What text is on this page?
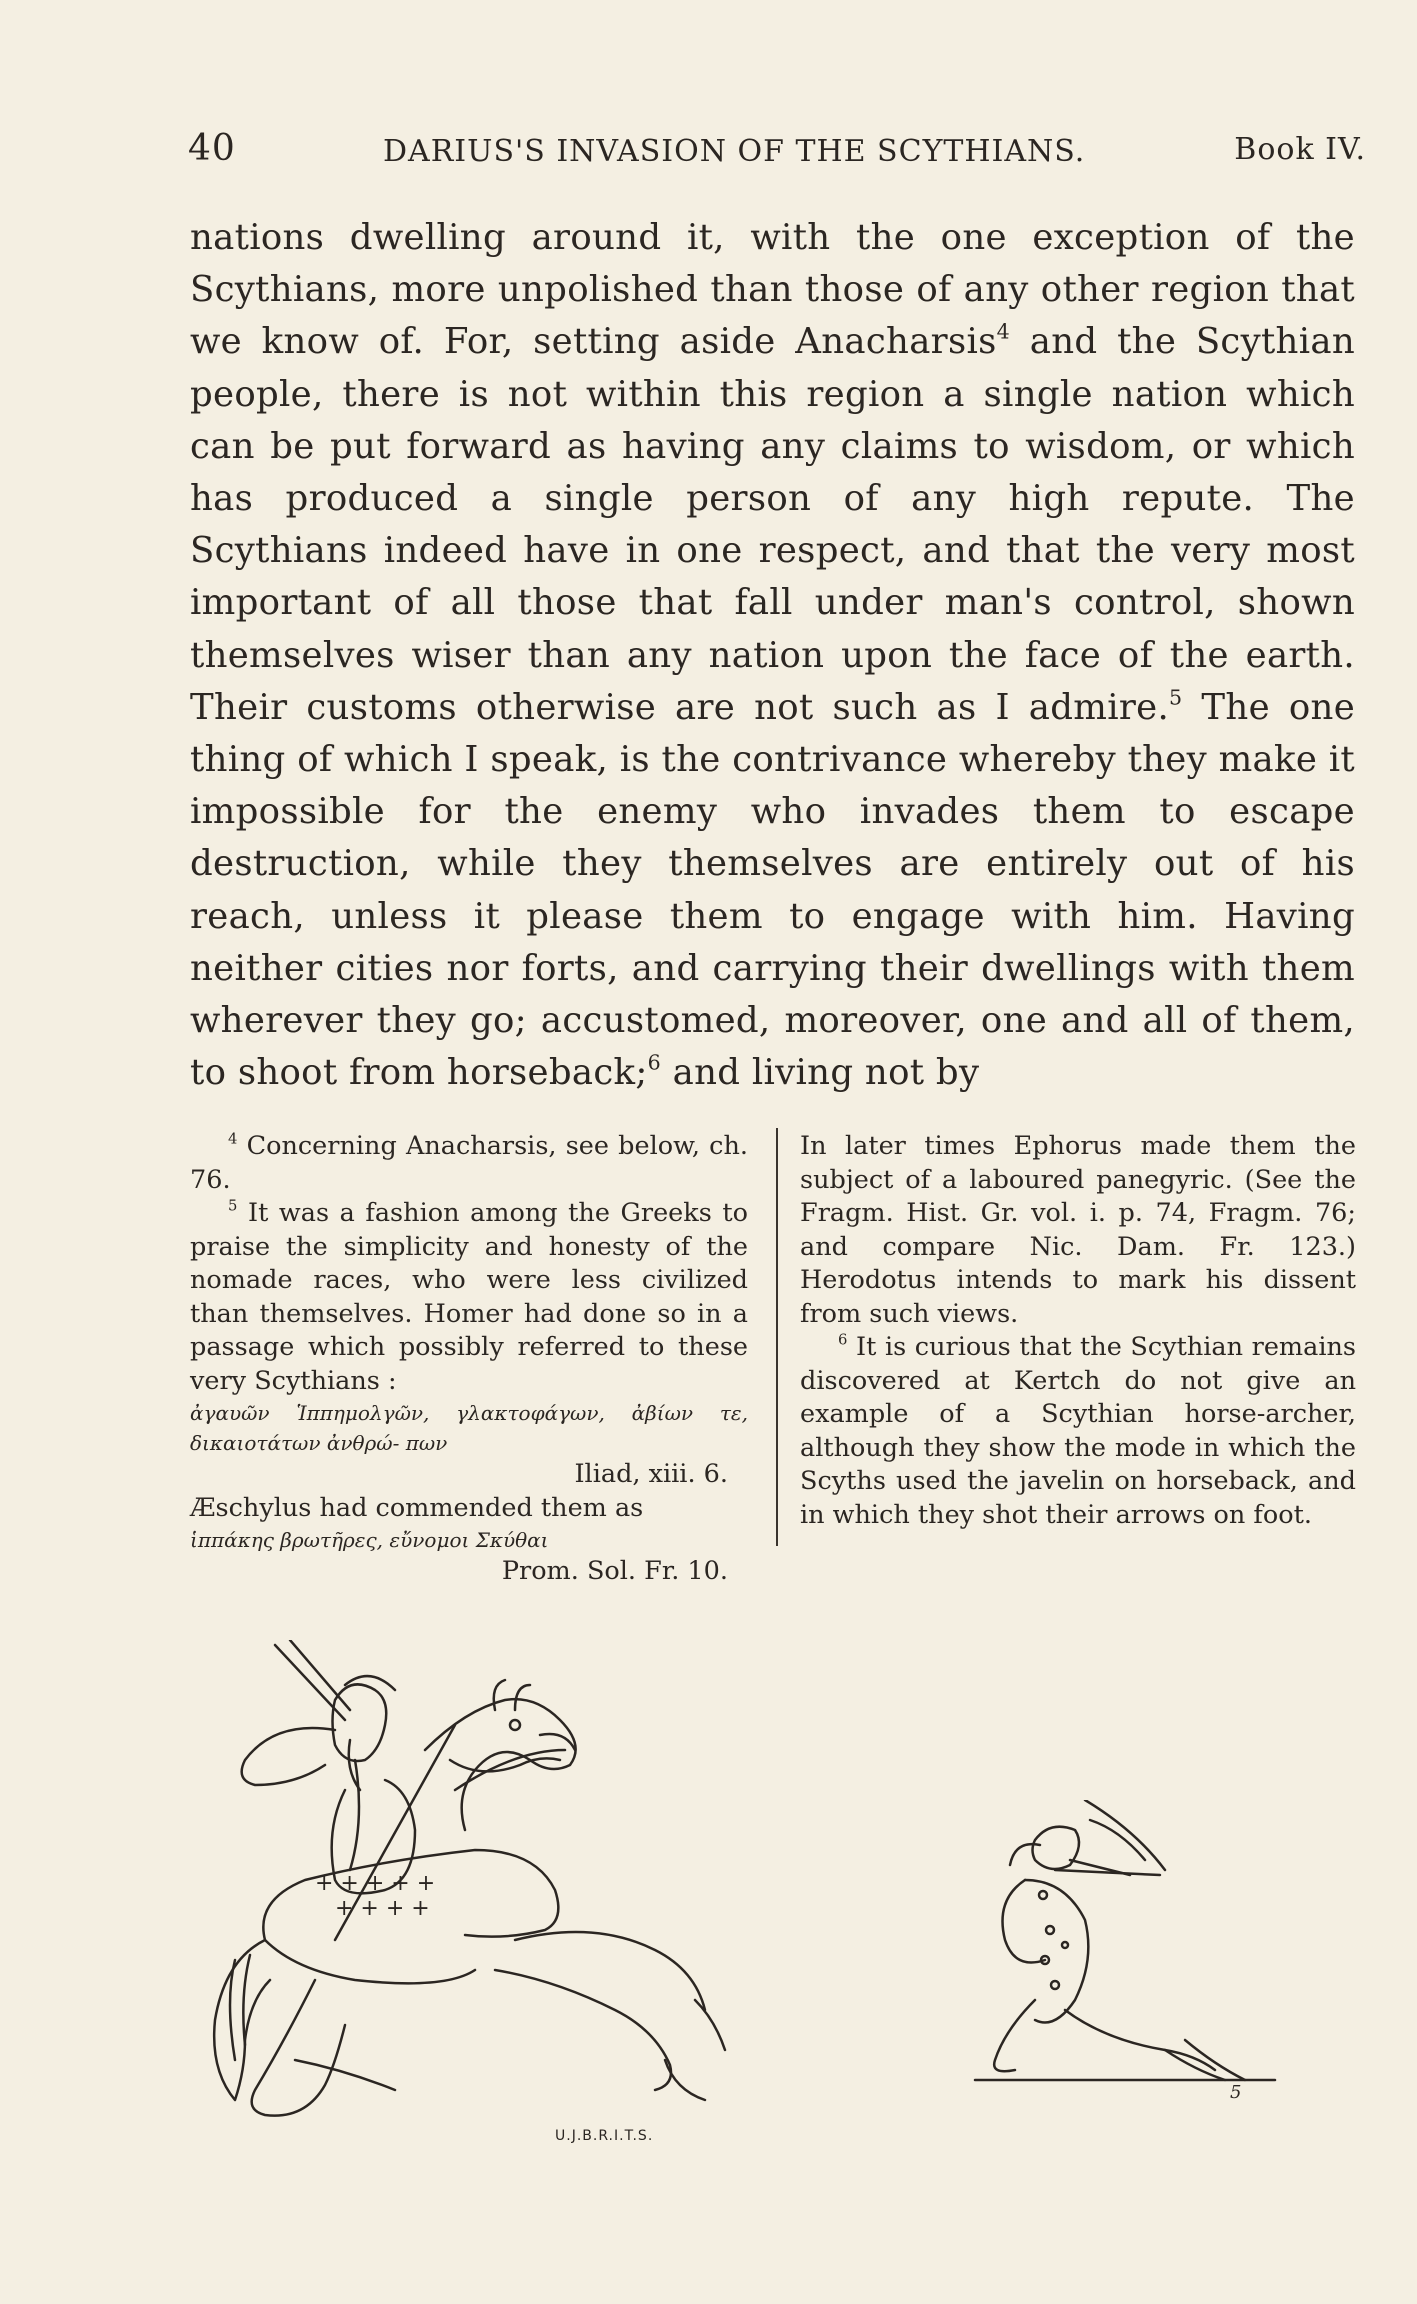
40	DARIUS'S INVASION OF THE SCYTHIANS.	Book IV.

nations dwelling around it, with the one exception of the Scythians, more unpolished than those of any other region that we know of. For, setting aside Anacharsis$^4$ and the Scythian people, there is not within this region a single nation which can be put forward as having any claims to wisdom, or which has produced a single person of any high repute. The Scythians indeed have in one respect, and that the very most important of all those that fall under man's control, shown themselves wiser than any nation upon the face of the earth. Their customs otherwise are not such as I admire.$^5$ The one thing of which I speak, is the contrivance whereby they make it impossible for the enemy who invades them to escape destruction, while they themselves are entirely out of his reach, unless it please them to engage with him. Having neither cities nor forts, and carrying their dwellings with them wherever they go; accustomed, moreover, one and all of them, to shoot from horseback;$^6$ and living not by

$^4$ Concerning Anacharsis, see below, ch. 76.

$^5$ It was a fashion among the Greeks to praise the simplicity and honesty of the nomade races, who were less civilized than themselves. Homer had done so in a passage which possibly referred to these very Scythians :

ἀγαυῶν Ἱππημολγῶν, γλακτοφάγων, ἀβίων τε, δικαιοτάτων ἀνθρώ- πων

Iliad, xiii. 6.

Æschylus had commended them as

ἱππάκης βρωτῆρες, εὔνομοι Σκύθαι

Prom. Sol. Fr. 10.

In later times Ephorus made them the subject of a laboured panegyric. (See the Fragm. Hist. Gr. vol. i. p. 74, Fragm. 76; and compare Nic. Dam. Fr. 123.) Herodotus intends to mark his dissent from such views.

$^6$ It is curious that the Scythian remains discovered at Kertch do not give an example of a Scythian horse-archer, although they show the mode in which the Scyths used the javelin on horseback, and in which they shot their arrows on foot.

+ + + + +
+ + + +
U.J.B.R.I.T.S.
5
